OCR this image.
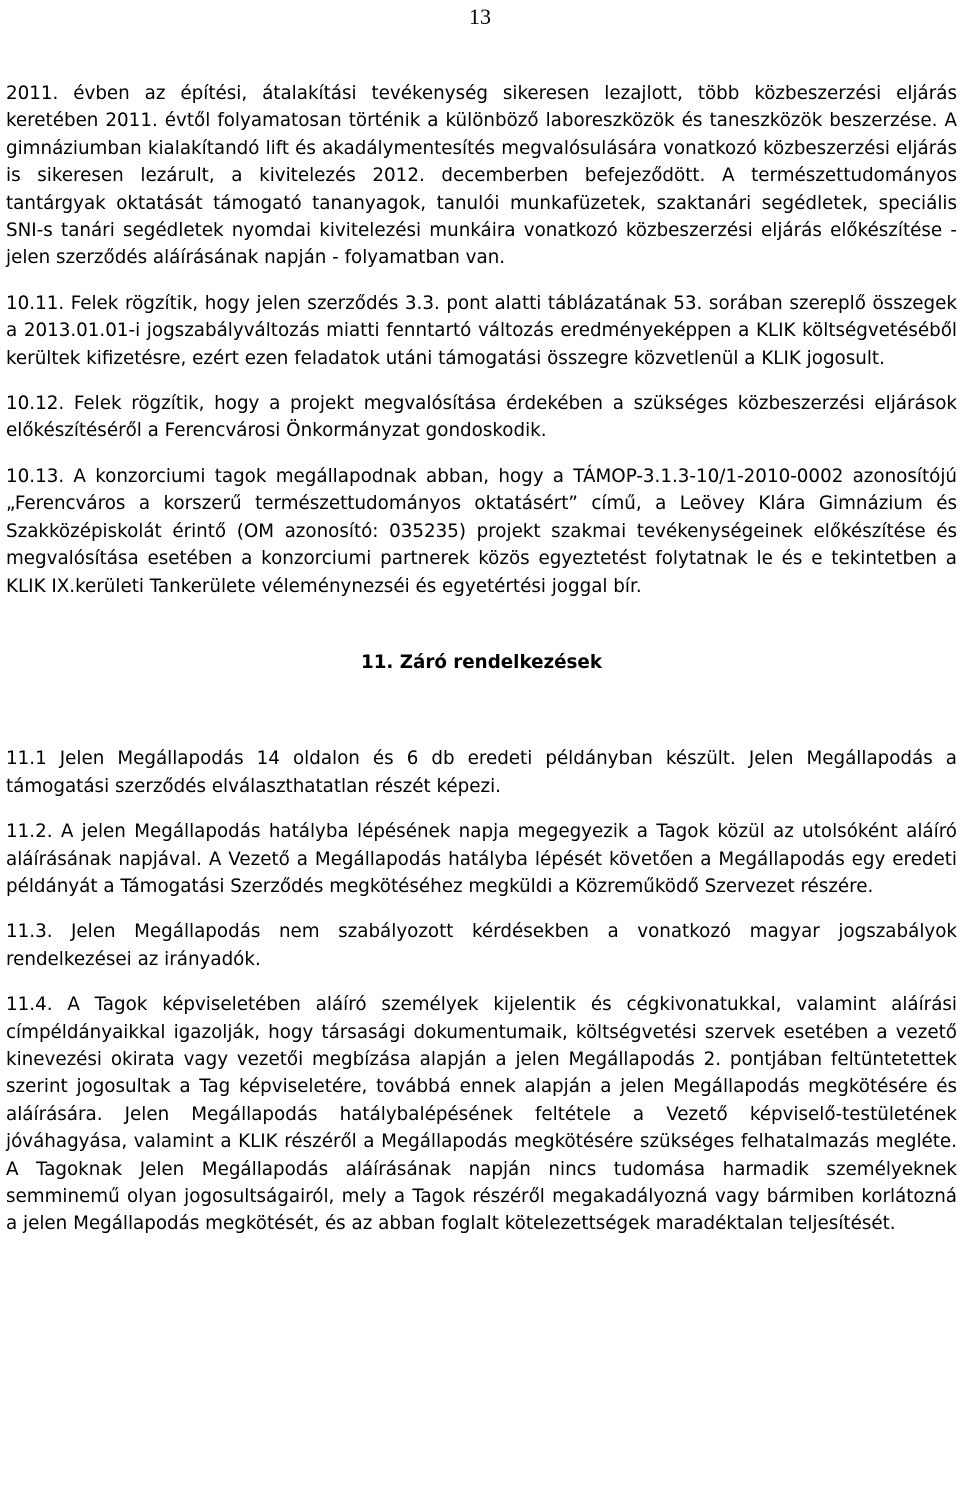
13

2011. évben az építési, átalakítási tevékenység sikeresen lezajlott, több közbeszerzési eljárás keretében 2011. évtől folyamatosan történik a különböző laboreszközök és taneszközök beszerzése. A gimnáziumban kialakítandó lift és akadálymentesítés megvalósulására vonatkozó közbeszerzési eljárás is sikeresen lezárult, a kivitelezés 2012. decemberben befejeződött. A természettudományos tantárgyak oktatását támogató tananyagok, tanulói munkafüzetek, szaktanári segédletek, speciális SNI-s tanári segédletek nyomdai kivitelezési munkáira vonatkozó közbeszerzési eljárás előkészítése - jelen szerződés aláírásának napján - folyamatban van.

10.11. Felek rögzítik, hogy jelen szerződés 3.3. pont alatti táblázatának 53. sorában szereplő összegek a 2013.01.01-i jogszabályváltozás miatti fenntartó változás eredményeképpen a KLIK költségvetéséből kerültek kifizetésre, ezért ezen feladatok utáni támogatási összegre közvetlenül a KLIK jogosult.

10.12. Felek rögzítik, hogy a projekt megvalósítása érdekében a szükséges közbeszerzési eljárások előkészítéséről a Ferencvárosi Önkormányzat gondoskodik.

10.13. A konzorciumi tagok megállapodnak abban, hogy a TÁMOP-3.1.3-10/1-2010-0002 azonosítójú „Ferencváros a korszerű természettudományos oktatásért” című, a Leövey Klára Gimnázium és Szakközépiskolát érintő (OM azonosító: 035235) projekt szakmai tevékenységeinek előkészítése és megvalósítása esetében a konzorciumi partnerek közös egyeztetést folytatnak le és e tekintetben a KLIK IX.kerületi Tankerülete véleménynezséi és egyetértési joggal bír.

11. Záró rendelkezések

11.1 Jelen Megállapodás 14 oldalon és 6 db eredeti példányban készült. Jelen Megállapodás a támogatási szerződés elválaszthatatlan részét képezi.

11.2. A jelen Megállapodás hatályba lépésének napja megegyezik a Tagok közül az utolsóként aláíró aláírásának napjával. A Vezető a Megállapodás hatályba lépését követően a Megállapodás egy eredeti példányát a Támogatási Szerződés megkötéséhez megküldi a Közreműködő Szervezet részére.

11.3. Jelen Megállapodás nem szabályozott kérdésekben a vonatkozó magyar jogszabályok rendelkezései az irányadók.

11.4. A Tagok képviseletében aláíró személyek kijelentik és cégkivonatukkal, valamint aláírási címpéldányaikkal igazolják, hogy társasági dokumentumaik, költségvetési szervek esetében a vezető kinevezési okirata vagy vezetői megbízása alapján a jelen Megállapodás 2. pontjában feltüntetettek szerint jogosultak a Tag képviseletére, továbbá ennek alapján a jelen Megállapodás megkötésére és aláírására. Jelen Megállapodás hatálybalépésének feltétele a Vezető képviselő-testületének jóváhagyása, valamint a KLIK részéről a Megállapodás megkötésére szükséges felhatalmazás megléte. A Tagoknak Jelen Megállapodás aláírásának napján nincs tudomása harmadik személyeknek semminemű olyan jogosultságairól, mely a Tagok részéről megakadályozná vagy bármiben korlátozná a jelen Megállapodás megkötését, és az abban foglalt kötelezettségek maradéktalan teljesítését.
